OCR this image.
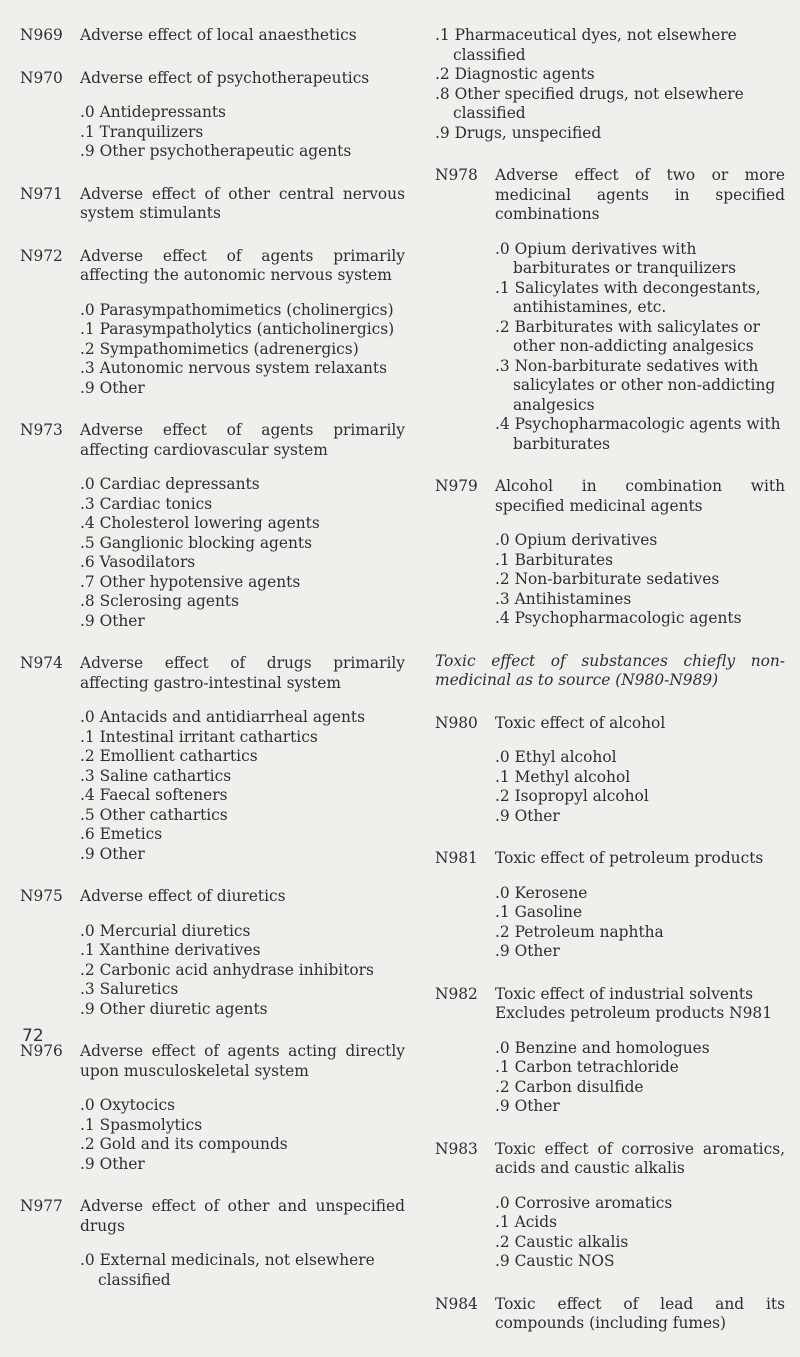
N969	Adverse effect of local anaesthetics
N970	Adverse effect of psychotherapeutics
.0 Antidepressants
.1 Tranquilizers
.9 Other psychotherapeutic agents
N971	Adverse effect of other central nervous system stimulants
N972	Adverse effect of agents primarily affecting the autonomic nervous system
.0 Parasympathomimetics (cholinergics)
.1 Parasympatholytics (anticholinergics)
.2 Sympathomimetics (adrenergics)
.3 Autonomic nervous system relaxants
.9 Other
N973	Adverse effect of agents primarily affecting cardiovascular system
.0 Cardiac depressants
.3 Cardiac tonics
.4 Cholesterol lowering agents
.5 Ganglionic blocking agents
.6 Vasodilators
.7 Other hypotensive agents
.8 Sclerosing agents
.9 Other
N974	Adverse effect of drugs primarily affecting gastro-intestinal system
.0 Antacids and antidiarrheal agents
.1 Intestinal irritant cathartics
.2 Emollient cathartics
.3 Saline cathartics
.4 Faecal softeners
.5 Other cathartics
.6 Emetics
.9 Other
N975	Adverse effect of diuretics
.0 Mercurial diuretics
.1 Xanthine derivatives
.2 Carbonic acid anhydrase inhibitors
.3 Saluretics
.9 Other diuretic agents
N976	Adverse effect of agents acting directly upon musculoskeletal system
.0 Oxytocics
.1 Spasmolytics
.2 Gold and its compounds
.9 Other
N977	Adverse effect of other and unspecified drugs
.0 External medicinals, not elsewhere classified
.1 Pharmaceutical dyes, not elsewhere classified
.2 Diagnostic agents
.8 Other specified drugs, not elsewhere classified
.9 Drugs, unspecified
N978	Adverse effect of two or more medicinal agents in specified combinations
.0 Opium derivatives with barbiturates or tranquilizers
.1 Salicylates with decongestants, antihistamines, etc.
.2 Barbiturates with salicylates or other non-addicting analgesics
.3 Non-barbiturate sedatives with salicylates or other non-addicting analgesics
.4 Psychopharmacologic agents with barbiturates
N979	Alcohol in combination with specified medicinal agents
.0 Opium derivatives
.1 Barbiturates
.2 Non-barbiturate sedatives
.3 Antihistamines
.4 Psychopharmacologic agents
Toxic effect of substances chiefly non-medicinal as to source (N980-N989)
N980	Toxic effect of alcohol
.0 Ethyl alcohol
.1 Methyl alcohol
.2 Isopropyl alcohol
.9 Other
N981	Toxic effect of petroleum products
.0 Kerosene
.1 Gasoline
.2 Petroleum naphtha
.9 Other
N982	Toxic effect of industrial solvents
Excludes petroleum products N981
.0 Benzine and homologues
.1 Carbon tetrachloride
.2 Carbon disulfide
.9 Other
N983	Toxic effect of corrosive aromatics, acids and caustic alkalis
.0 Corrosive aromatics
.1 Acids
.2 Caustic alkalis
.9 Caustic NOS
N984	Toxic effect of lead and its compounds (including fumes)
72
